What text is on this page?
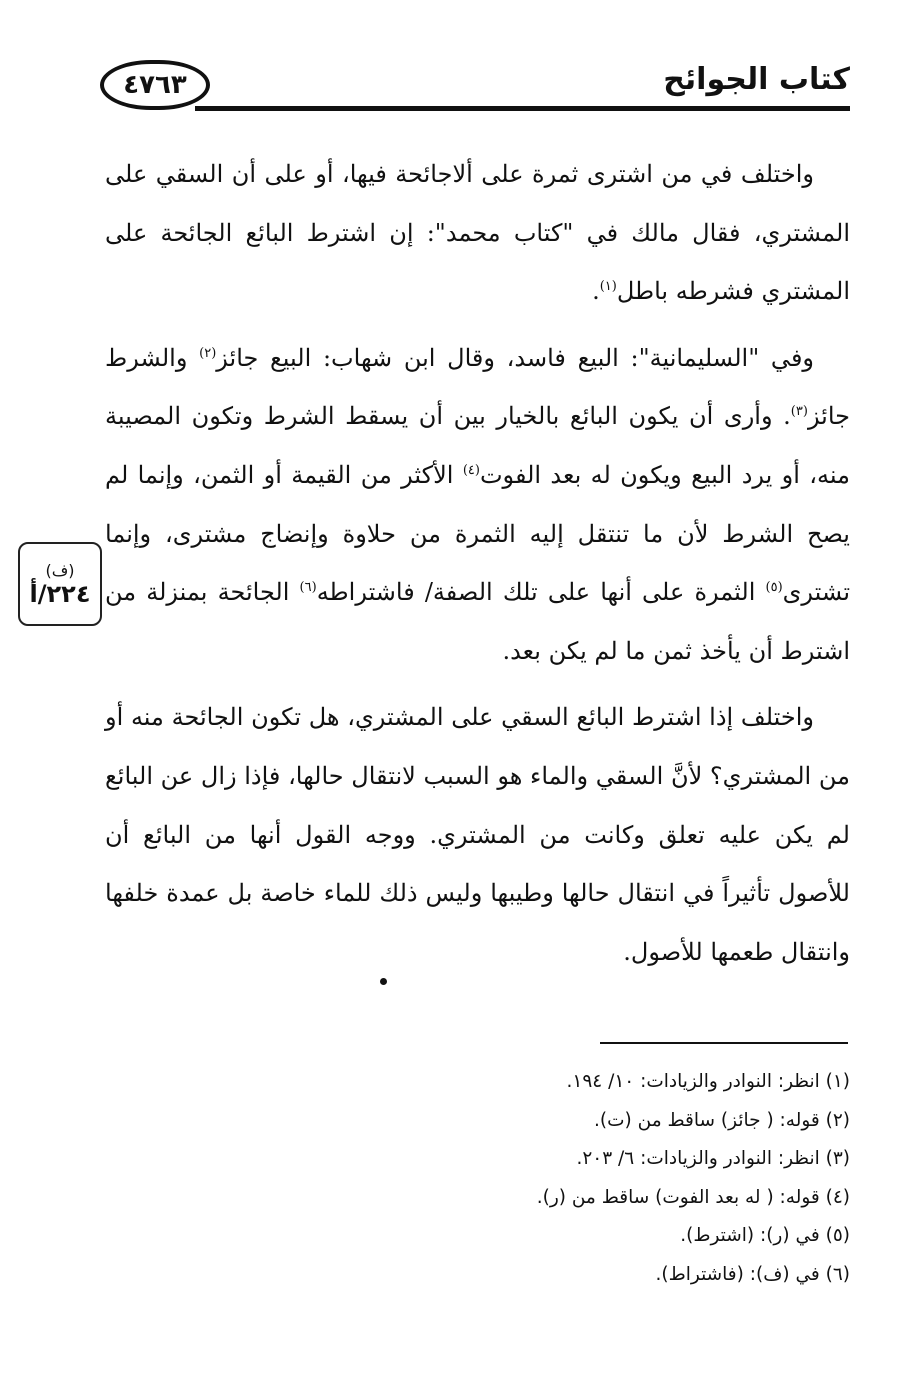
كتاب الجوائح
٤٧٦٣

واختلف في من اشترى ثمرة على ألاجائحة فيها، أو على أن السقي على المشتري، فقال مالك في "كتاب محمد": إن اشترط البائع الجائحة على المشتري فشرطه باطل$^{(١)}$.

وفي "السليمانية": البيع فاسد، وقال ابن شهاب: البيع جائز$^{(٢)}$ والشرط جائز$^{(٣)}$. وأرى أن يكون البائع بالخيار بين أن يسقط الشرط وتكون المصيبة منه، أو يرد البيع ويكون له بعد الفوت$^{(٤)}$ الأكثر من القيمة أو الثمن، وإنما لم يصح الشرط لأن ما تنتقل إليه الثمرة من حلاوة وإنضاج مشترى، وإنما تشترى$^{(٥)}$ الثمرة على أنها على تلك الصفة/ فاشتراطه$^{(٦)}$ الجائحة بمنزلة من اشترط أن يأخذ ثمن ما لم يكن بعد.

واختلف إذا اشترط البائع السقي على المشتري، هل تكون الجائحة منه أو من المشتري؟ لأنَّ السقي والماء هو السبب لانتقال حالها، فإذا زال عن البائع لم يكن عليه تعلق وكانت من المشتري. ووجه القول أنها من البائع أن للأصول تأثيراً في انتقال حالها وطيبها وليس ذلك للماء خاصة بل عمدة خلفها وانتقال طعمها للأصول.

(ف)
٢٢٤/أ
(١) انظر: النوادر والزيادات: ١٠/ ١٩٤.
(٢) قوله: ( جائز) ساقط من (ت).
(٣) انظر: النوادر والزيادات: ٦/ ٢٠٣.
(٤) قوله: ( له بعد الفوت) ساقط من (ر).
(٥) في (ر): (اشترط).
(٦) في (ف): (فاشتراط).
